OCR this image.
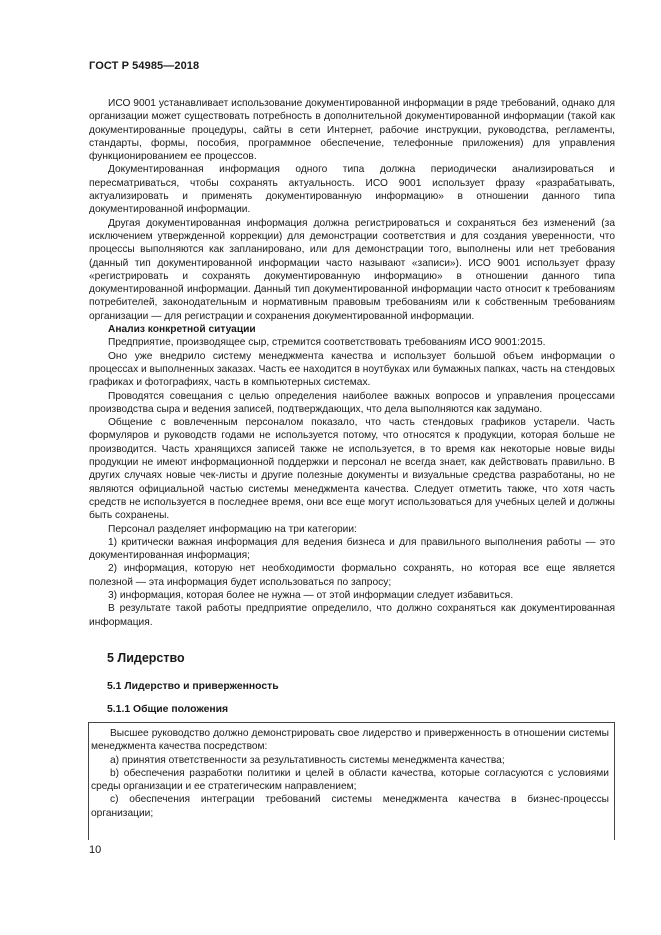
ГОСТ Р 54985—2018

ИСО 9001 устанавливает использование документированной информации в ряде требований, однако для организации может существовать потребность в дополнительной документированной информации (такой как документированные процедуры, сайты в сети Интернет, рабочие инструкции, руководства, регламенты, стандарты, формы, пособия, программное обеспечение, телефонные приложения) для управления функционированием ее процессов.

Документированная информация одного типа должна периодически анализироваться и пересматриваться, чтобы сохранять актуальность. ИСО 9001 использует фразу «разрабатывать, актуализировать и применять документированную информацию» в отношении данного типа документированной информации.

Другая документированная информация должна регистрироваться и сохраняться без изменений (за исключением утвержденной коррекции) для демонстрации соответствия и для создания уверенности, что процессы выполняются как запланировано, или для демонстрации того, выполнены или нет требования (данный тип документированной информации часто называют «записи»). ИСО 9001 использует фразу «регистрировать и сохранять документированную информацию» в отношении данного типа документированной информации. Данный тип документированной информации часто относит к требованиям потребителей, законодательным и нормативным правовым требованиям или к собственным требованиям организации — для регистрации и сохранения документированной информации.

Анализ конкретной ситуации

Предприятие, производящее сыр, стремится соответствовать требованиям ИСО 9001:2015.

Оно уже внедрило систему менеджмента качества и использует большой объем информации о процессах и выполненных заказах. Часть ее находится в ноутбуках или бумажных папках, часть на стендовых графиках и фотографиях, часть в компьютерных системах.

Проводятся совещания с целью определения наиболее важных вопросов и управления процессами производства сыра и ведения записей, подтверждающих, что дела выполняются как задумано.

Общение с вовлеченным персоналом показало, что часть стендовых графиков устарели. Часть формуляров и руководств годами не используется потому, что относятся к продукции, которая больше не производится. Часть хранящихся записей также не используется, в то время как некоторые новые виды продукции не имеют информационной поддержки и персонал не всегда знает, как действовать правильно. В других случаях новые чек-листы и другие полезные документы и визуальные средства разработаны, но не являются официальной частью системы менеджмента качества. Следует отметить также, что хотя часть средств не используется в последнее время, они все еще могут использоваться для учебных целей и должны быть сохранены.

Персонал разделяет информацию на три категории:

1) критически важная информация для ведения бизнеса и для правильного выполнения работы — это документированная информация;

2) информация, которую нет необходимости формально сохранять, но которая все еще является полезной — эта информация будет использоваться по запросу;

3) информация, которая более не нужна — от этой информации следует избавиться.

В результате такой работы предприятие определило, что должно сохраняться как документированная информация.

5 Лидерство
5.1 Лидерство и приверженность
5.1.1 Общие положения

Высшее руководство должно демонстрировать свое лидерство и приверженность в отношении системы менеджмента качества посредством:

а) принятия ответственности за результативность системы менеджмента качества;

b) обеспечения разработки политики и целей в области качества, которые согласуются с условиями среды организации и ее стратегическим направлением;

с) обеспечения интеграции требований системы менеджмента качества в бизнес-процессы организации;

10
